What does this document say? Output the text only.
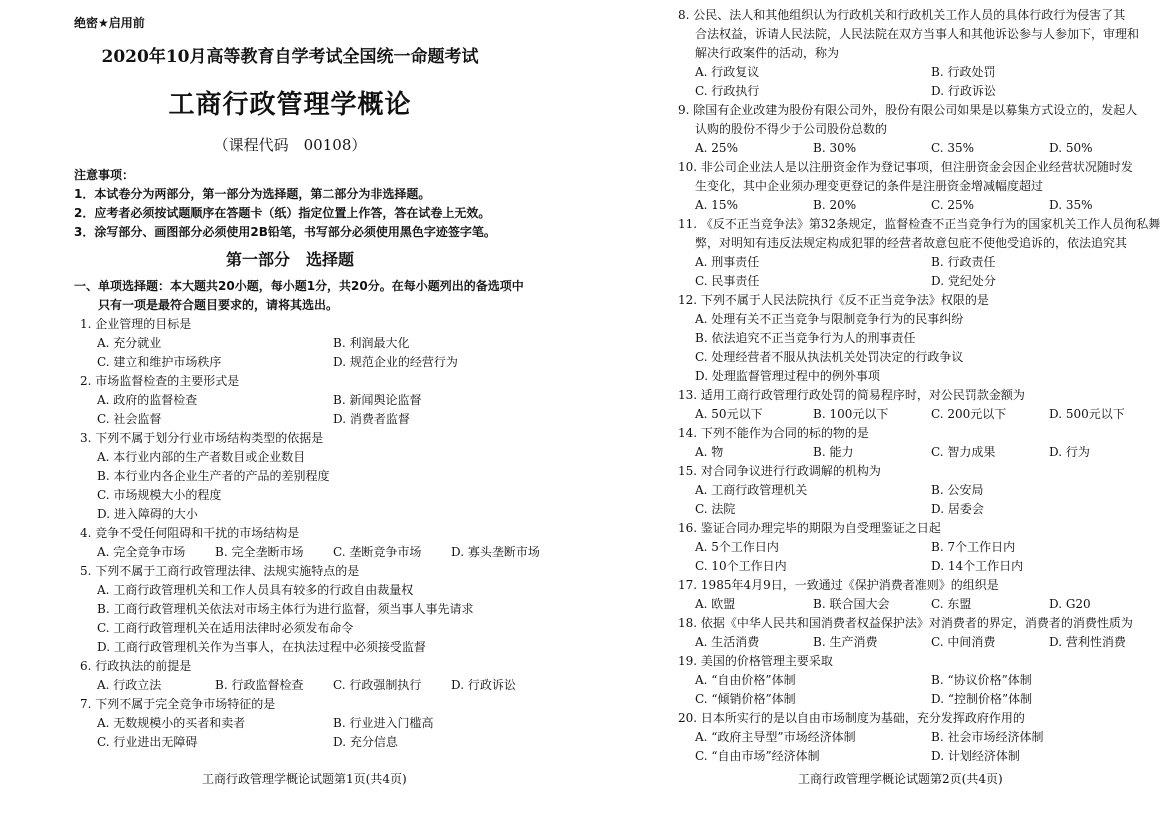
绝密★启用前
2020年10月高等教育自学考试全国统一命题考试
工商行政管理学概论
（课程代码　00108）
注意事项：
1．本试卷分为两部分，第一部分为选择题，第二部分为非选择题。
2．应考者必须按试题顺序在答题卡（纸）指定位置上作答，答在试卷上无效。
3．涂写部分、画图部分必须使用2B铅笔，书写部分必须使用黑色字迹签字笔。
第一部分　选择题
一、单项选择题：本大题共20小题，每小题1分，共20分。在每小题列出的备选项中
只有一项是最符合题目要求的，请将其选出。
1. 企业管理的目标是
A. 充分就业	B. 利润最大化
C. 建立和维护市场秩序	D. 规范企业的经营行为
2. 市场监督检查的主要形式是
A. 政府的监督检查	B. 新闻舆论监督
C. 社会监督	D. 消费者监督
3. 下列不属于划分行业市场结构类型的依据是
A. 本行业内部的生产者数目或企业数目
B. 本行业内各企业生产者的产品的差别程度
C. 市场规模大小的程度
D. 进入障碍的大小
4. 竞争不受任何阻碍和干扰的市场结构是
A. 完全竞争市场 B. 完全垄断市场 C. 垄断竞争市场 D. 寡头垄断市场
5. 下列不属于工商行政管理法律、法规实施特点的是
A. 工商行政管理机关和工作人员具有较多的行政自由裁量权
B. 工商行政管理机关依法对市场主体行为进行监督，须当事人事先请求
C. 工商行政管理机关在适用法律时必须发布命令
D. 工商行政管理机关作为当事人，在执法过程中必须接受监督
6. 行政执法的前提是
A. 行政立法	B. 行政监督检查 C. 行政强制执行 D. 行政诉讼
7. 下列不属于完全竞争市场特征的是
A. 无数规模小的买者和卖者	B. 行业进入门槛高
C. 行业进出无障碍	D. 充分信息
工商行政管理学概论试题第1页(共4页)
8. 公民、法人和其他组织认为行政机关和行政机关工作人员的具体行政行为侵害了其
合法权益，诉请人民法院，人民法院在双方当事人和其他诉讼参与人参加下，审理和
解决行政案件的活动，称为
A. 行政复议	B. 行政处罚
C. 行政执行	D. 行政诉讼
9. 除国有企业改建为股份有限公司外，股份有限公司如果是以募集方式设立的，发起人
认购的股份不得少于公司股份总数的
A. 25%	B. 30%	C. 35%	D. 50%
10. 非公司企业法人是以注册资金作为登记事项，但注册资金会因企业经营状况随时发
生变化，其中企业须办理变更登记的条件是注册资金增减幅度超过
A. 15%	B. 20%	C. 25%	D. 35%
11. 《反不正当竞争法》第32条规定，监督检查不正当竞争行为的国家机关工作人员徇私舞
弊，对明知有违反法规定构成犯罪的经营者故意包庇不使他受追诉的，依法追究其
A. 刑事责任	B. 行政责任
C. 民事责任	D. 党纪处分
12. 下列不属于人民法院执行《反不正当竞争法》权限的是
A. 处理有关不正当竞争与限制竞争行为的民事纠纷
B. 依法追究不正当竞争行为人的刑事责任
C. 处理经营者不服从执法机关处罚决定的行政争议
D. 处理监督管理过程中的例外事项
13. 适用工商行政管理行政处罚的简易程序时，对公民罚款金额为
A. 50元以下	B. 100元以下	C. 200元以下	D. 500元以下
14. 下列不能作为合同的标的物的是
A. 物	B. 能力	C. 智力成果	D. 行为
15. 对合同争议进行行政调解的机构为
A. 工商行政管理机关	B. 公安局
C. 法院	D. 居委会
16. 鉴证合同办理完毕的期限为自受理鉴证之日起
A. 5个工作日内	B. 7个工作日内
C. 10个工作日内	D. 14个工作日内
17. 1985年4月9日，一致通过《保护消费者准则》的组织是
A. 欧盟	B. 联合国大会	C. 东盟	D. G20
18. 依据《中华人民共和国消费者权益保护法》对消费者的界定，消费者的消费性质为
A. 生活消费	B. 生产消费	C. 中间消费	D. 营利性消费
19. 美国的价格管理主要采取
A. “自由价格”体制	B. “协议价格”体制
C. “倾销价格”体制	D. “控制价格”体制
20. 日本所实行的是以自由市场制度为基础，充分发挥政府作用的
A. “政府主导型”市场经济体制	B. 社会市场经济体制
C. “自由市场”经济体制	D. 计划经济体制
工商行政管理学概论试题第2页(共4页)
